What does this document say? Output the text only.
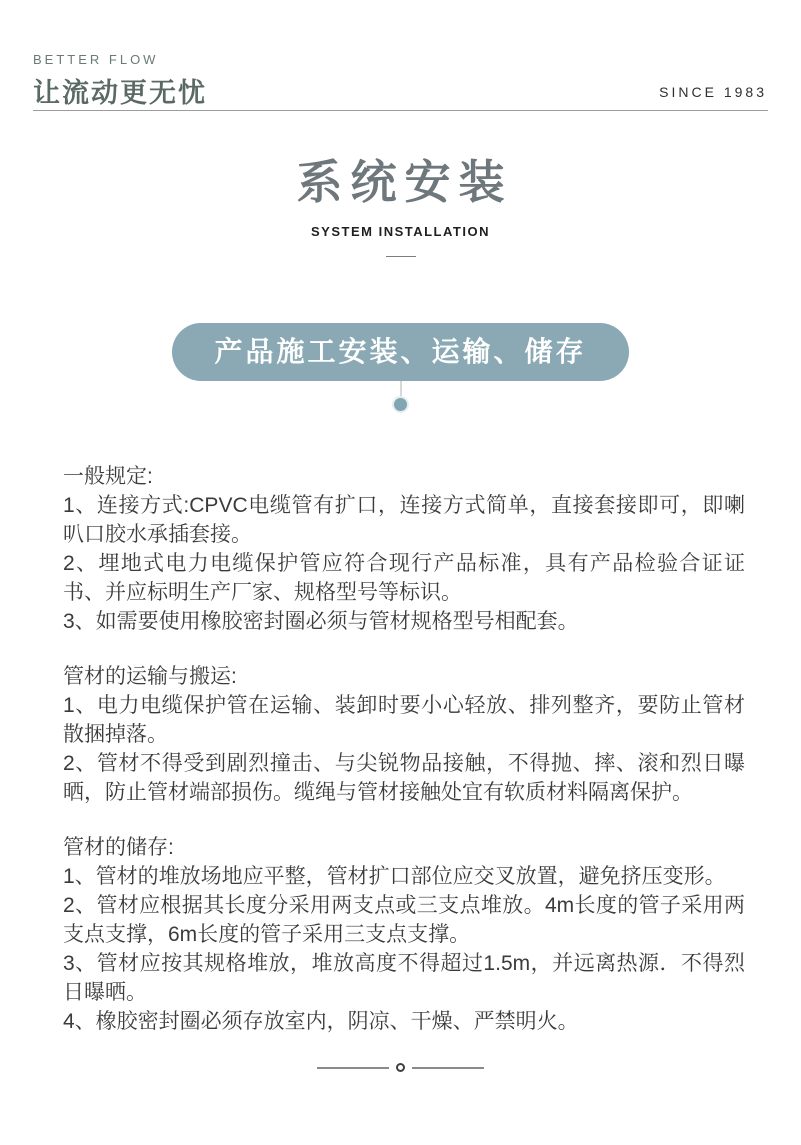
BETTER FLOW
让流动更无忧	SINCE 1983
系统安装
SYSTEM INSTALLATION
产品施工安装、运输、储存

一般规定:

1、连接方式:CPVC电缆管有扩口，连接方式简单，直接套接即可，即喇叭口胶水承插套接。

2、埋地式电力电缆保护管应符合现行产品标准，具有产品检验合证证书、并应标明生产厂家、规格型号等标识。

3、如需要使用橡胶密封圈必须与管材规格型号相配套。

管材的运输与搬运:

1、电力电缆保护管在运输、装卸时要小心轻放、排列整齐，要防止管材散捆掉落。

2、管材不得受到剧烈撞击、与尖锐物品接触，不得抛、摔、滚和烈日曝晒，防止管材端部损伤。缆绳与管材接触处宜有软质材料隔离保护。

管材的储存:

1、管材的堆放场地应平整，管材扩口部位应交叉放置，避免挤压变形。

2、管材应根据其长度分采用两支点或三支点堆放。4m长度的管子采用两支点支撑，6m长度的管子采用三支点支撑。

3、管材应按其规格堆放，堆放高度不得超过1.5m，并远离热源．不得烈日曝晒。

4、橡胶密封圈必须存放室内，阴凉、干燥、严禁明火。
